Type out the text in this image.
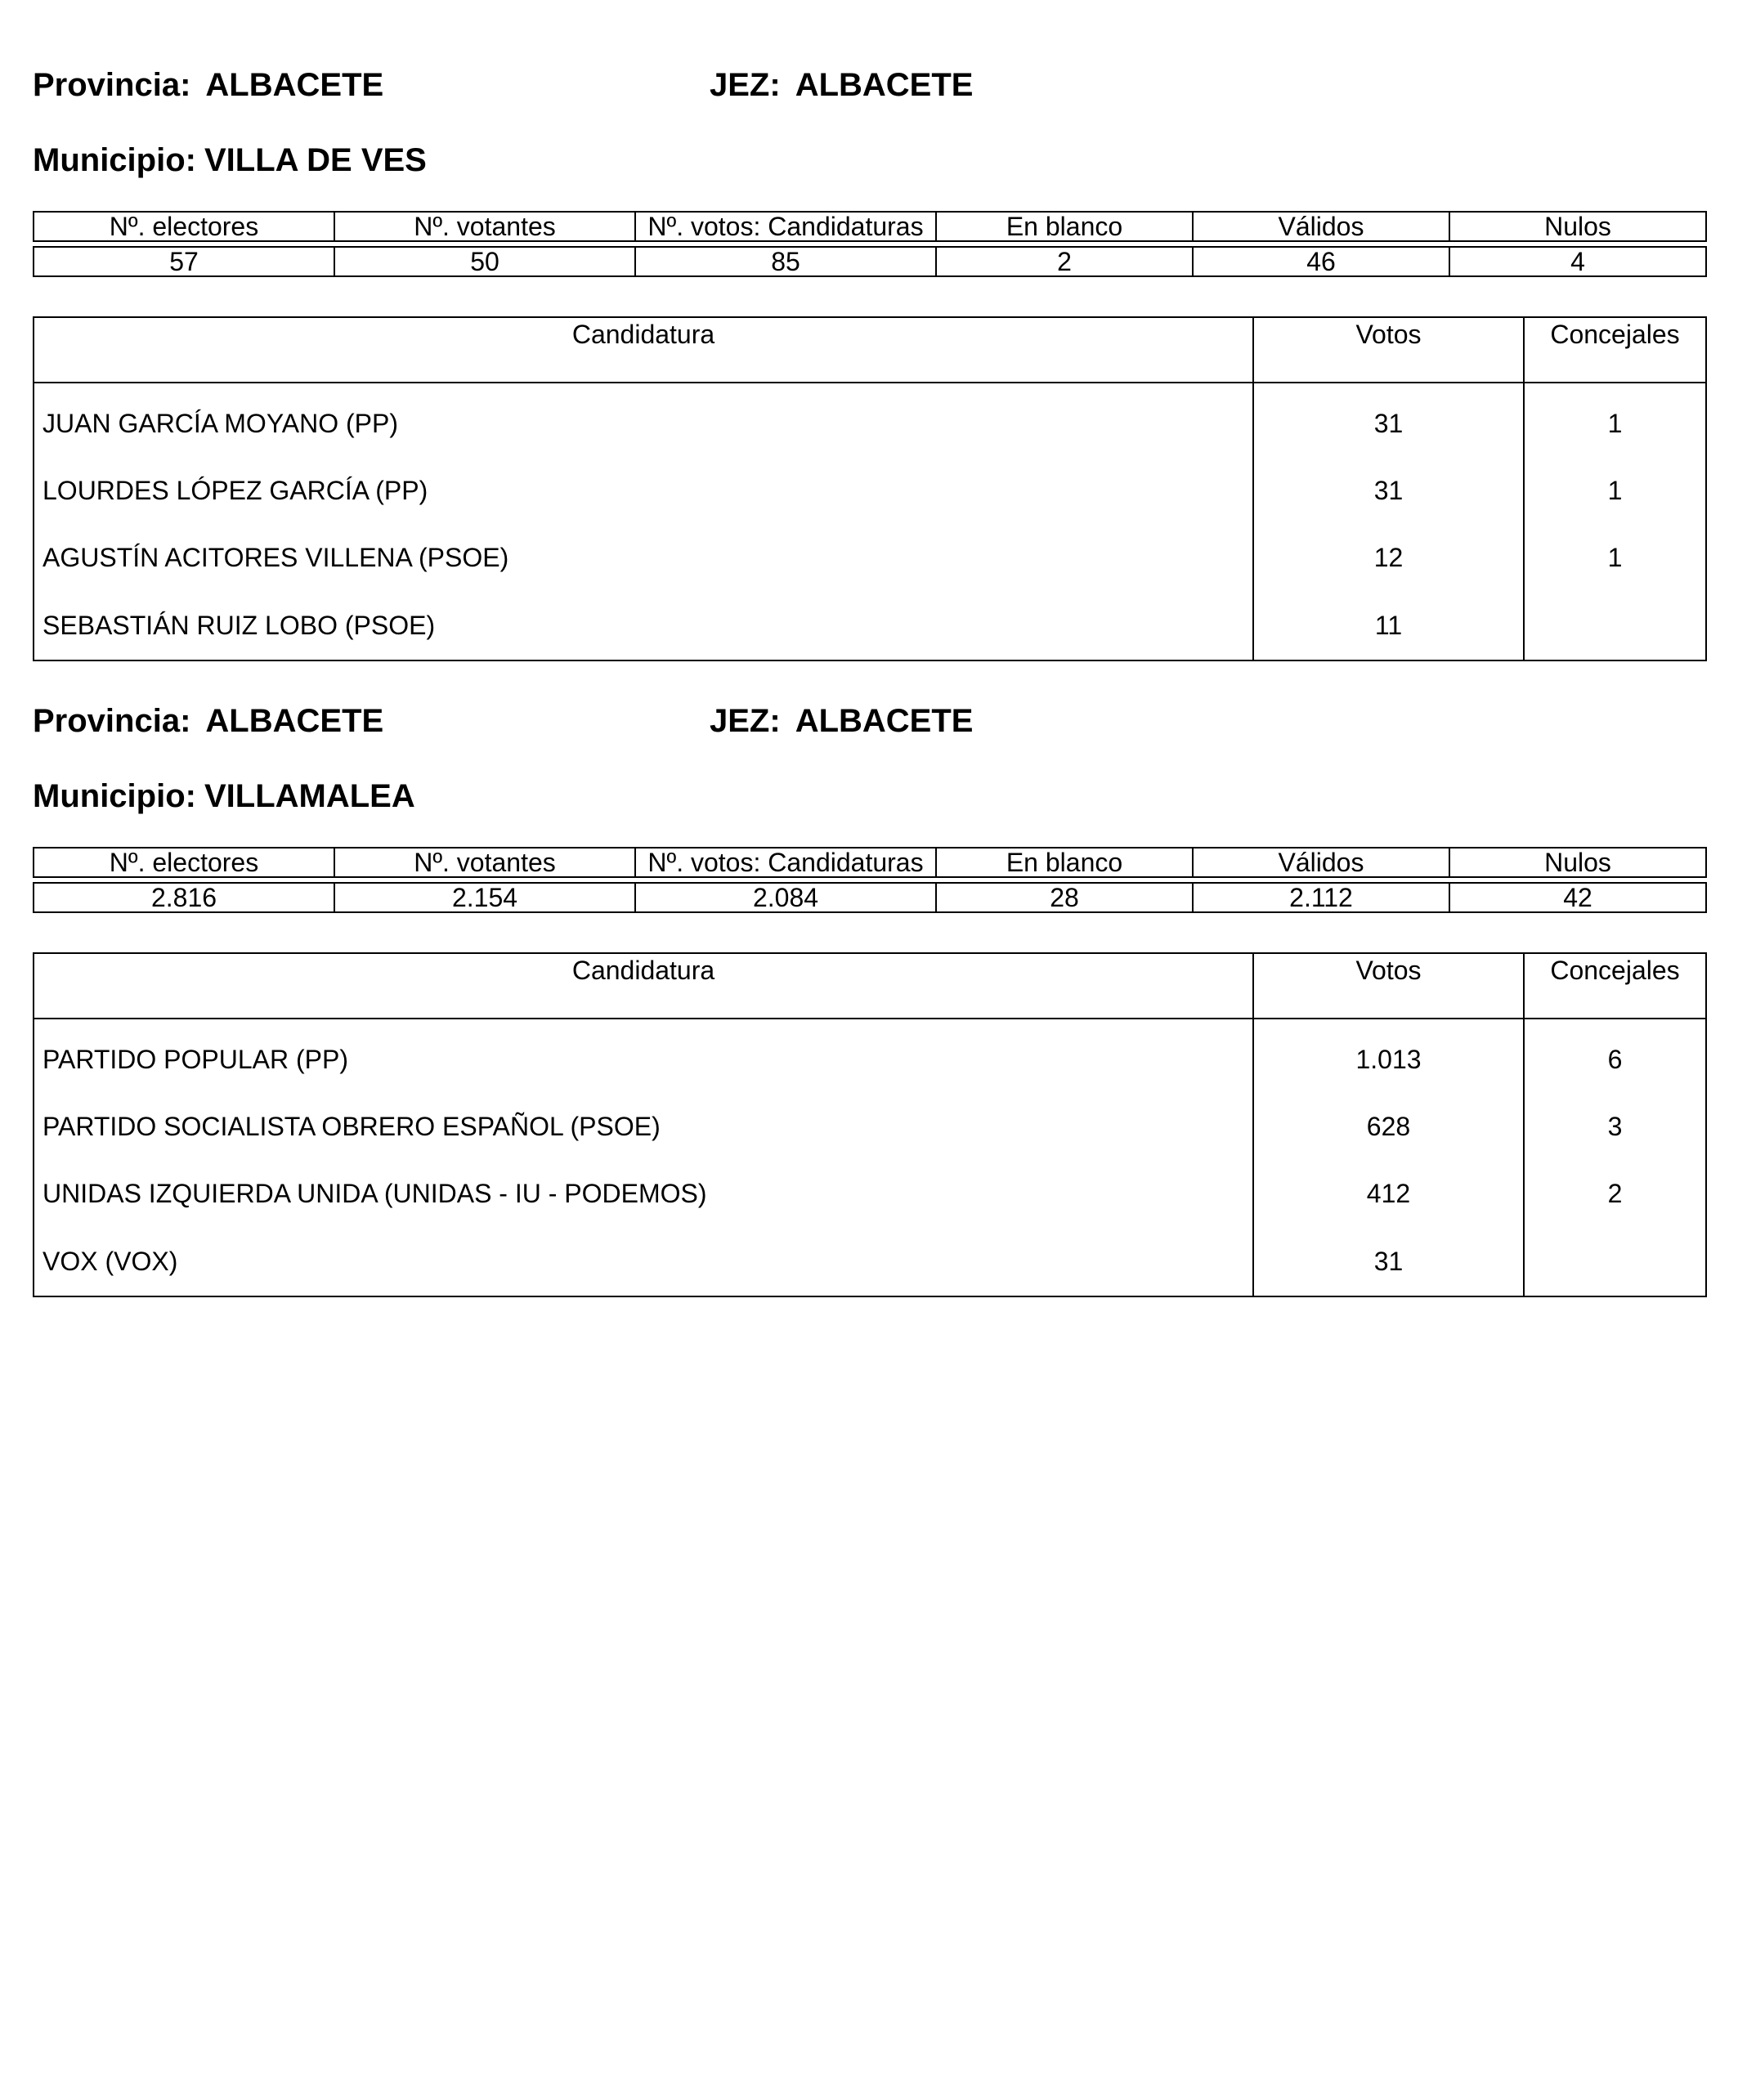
Provincia: ALBACETE	JEZ: ALBACETE
Municipio: VILLA DE VES
Nº. electores	Nº. votantes	Nº. votos: Candidaturas	En blanco	Válidos	Nulos
57	50	85	2	46	4
Candidatura	Votos	Concejales
JUAN GARCÍA MOYANO (PP)	31	1
LOURDES LÓPEZ GARCÍA (PP)	31	1
AGUSTÍN ACITORES VILLENA (PSOE)	12	1
SEBASTIÁN RUIZ LOBO (PSOE)	11	
Provincia: ALBACETE	JEZ: ALBACETE
Municipio: VILLAMALEA
Nº. electores	Nº. votantes	Nº. votos: Candidaturas	En blanco	Válidos	Nulos
2.816	2.154	2.084	28	2.112	42
Candidatura	Votos	Concejales
PARTIDO POPULAR (PP)	1.013	6
PARTIDO SOCIALISTA OBRERO ESPAÑOL (PSOE)	628	3
UNIDAS IZQUIERDA UNIDA (UNIDAS - IU - PODEMOS)	412	2
VOX (VOX)	31	
